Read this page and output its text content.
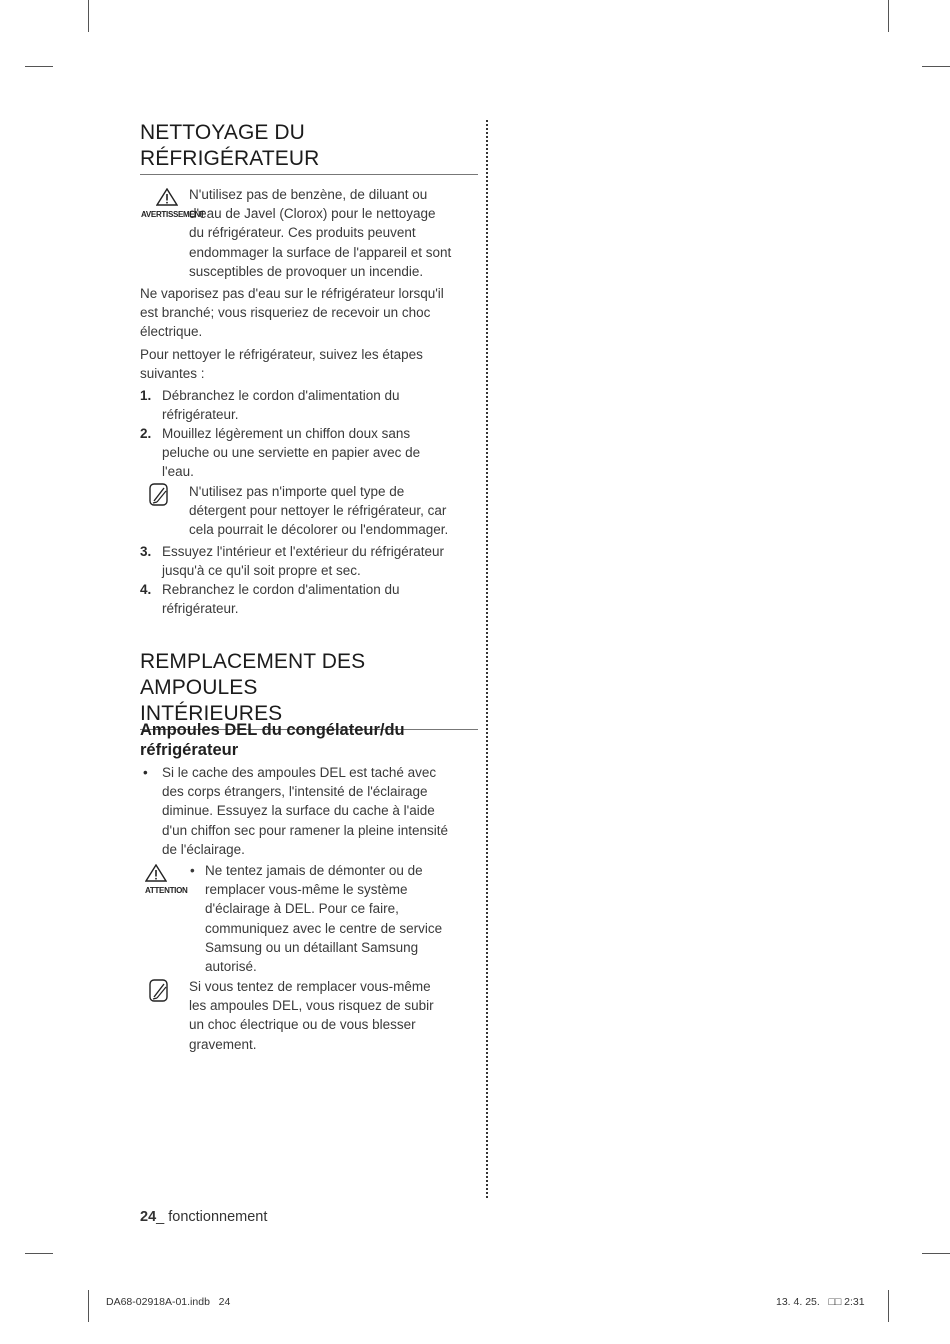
NETTOYAGE DU
RÉFRIGÉRATEUR
AVERTISSEMENT
N'utilisez pas de benzène, de diluant ou
d'eau de Javel (Clorox) pour le nettoyage
du réfrigérateur. Ces produits peuvent
endommager la surface de l'appareil et sont
susceptibles de provoquer un incendie.
Ne vaporisez pas d'eau sur le réfrigérateur lorsqu'il
est branché; vous risqueriez de recevoir un choc
électrique.
Pour nettoyer le réfrigérateur, suivez les étapes
suivantes :
1. Débranchez le cordon d'alimentation du
réfrigérateur.
2. Mouillez légèrement un chiffon doux sans
peluche ou une serviette en papier avec de
l'eau.
N'utilisez pas n'importe quel type de
détergent pour nettoyer le réfrigérateur, car
cela pourrait le décolorer ou l'endommager.
3. Essuyez l'intérieur et l'extérieur du réfrigérateur
jusqu'à ce qu'il soit propre et sec.
4. Rebranchez le cordon d'alimentation du
réfrigérateur.
REMPLACEMENT DES AMPOULES
INTÉRIEURES
Ampoules DEL du congélateur/du
réfrigérateur
• Si le cache des ampoules DEL est taché avec
des corps étrangers, l'intensité de l'éclairage
diminue. Essuyez la surface du cache à l'aide
d'un chiffon sec pour ramener la pleine intensité
de l'éclairage.
ATTENTION
• Ne tentez jamais de démonter ou de
remplacer vous-même le système
d'éclairage à DEL. Pour ce faire,
communiquez avec le centre de service
Samsung ou un détaillant Samsung
autorisé.
Si vous tentez de remplacer vous-même
les ampoules DEL, vous risquez de subir
un choc électrique ou de vous blesser
gravement.
24_ fonctionnement
DA68-02918A-01.indb   24	13. 4. 25.   □□ 2:31
